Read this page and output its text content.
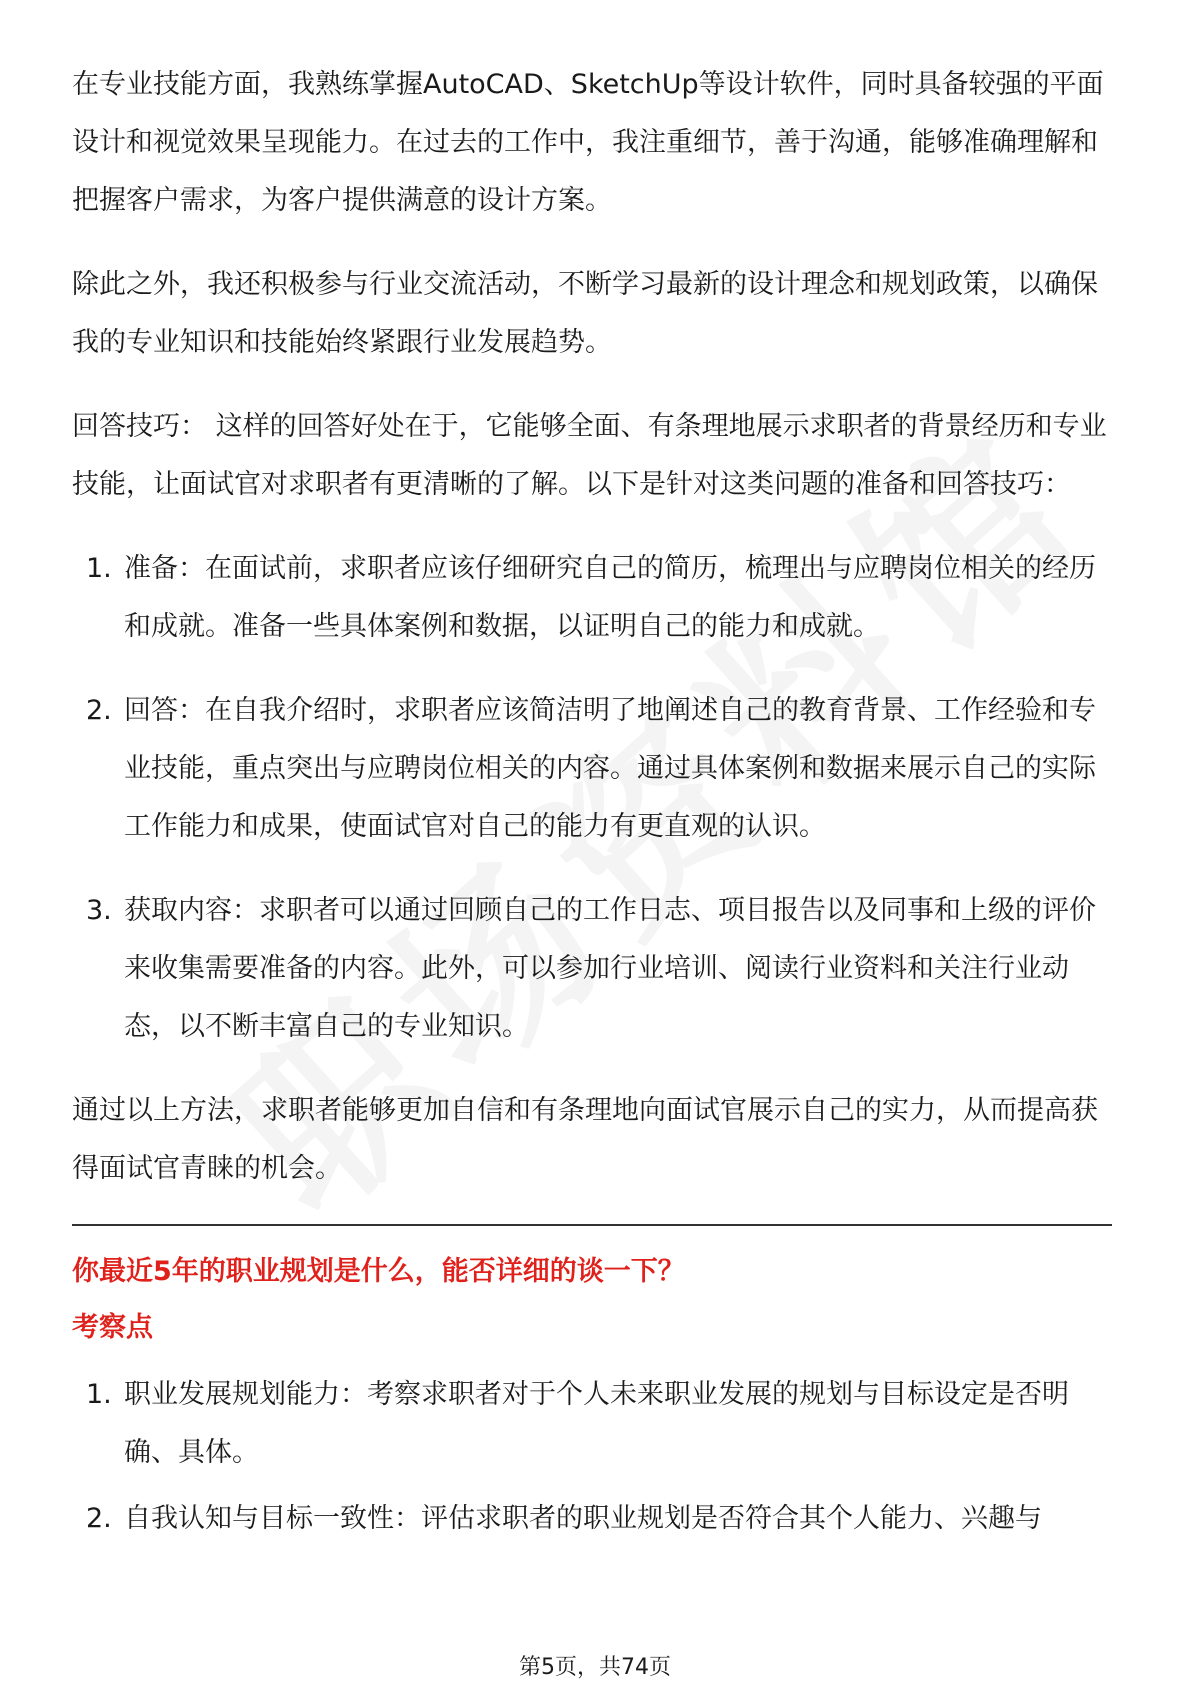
在专业技能方面，我熟练掌握AutoCAD、SketchUp等设计软件，同时具备较强的平面设计和视觉效果呈现能力。在过去的工作中，我注重细节，善于沟通，能够准确理解和把握客户需求，为客户提供满意的设计方案。

除此之外，我还积极参与行业交流活动，不断学习最新的设计理念和规划政策，以确保我的专业知识和技能始终紧跟行业发展趋势。

回答技巧： 这样的回答好处在于，它能够全面、有条理地展示求职者的背景经历和专业技能，让面试官对求职者有更清晰的了解。以下是针对这类问题的准备和回答技巧：

1. 准备：在面试前，求职者应该仔细研究自己的简历，梳理出与应聘岗位相关的经历和成就。准备一些具体案例和数据，以证明自己的能力和成就。
2. 回答：在自我介绍时，求职者应该简洁明了地阐述自己的教育背景、工作经验和专业技能，重点突出与应聘岗位相关的内容。通过具体案例和数据来展示自己的实际工作能力和成果，使面试官对自己的能力有更直观的认识。
3. 获取内容：求职者可以通过回顾自己的工作日志、项目报告以及同事和上级的评价来收集需要准备的内容。此外，可以参加行业培训、阅读行业资料和关注行业动态，以不断丰富自己的专业知识。

通过以上方法，求职者能够更加自信和有条理地向面试官展示自己的实力，从而提高获得面试官青睐的机会。

你最近5年的职业规划是什么，能否详细的谈一下？

考察点

1. 职业发展规划能力：考察求职者对于个人未来职业发展的规划与目标设定是否明确、具体。
2. 自我认知与目标一致性：评估求职者的职业规划是否符合其个人能力、兴趣与
第5页，共74页
